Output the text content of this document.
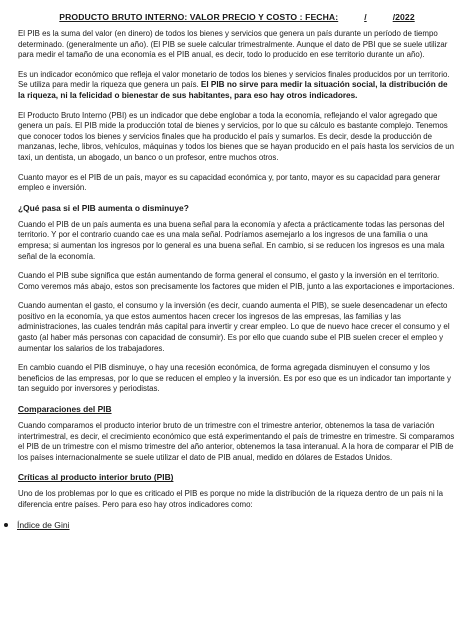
PRODUCTO BRUTO INTERNO: VALOR PRECIO Y COSTO : FECHA:	/	/2022

El PIB es la suma del valor (en dinero) de todos los bienes y servicios que genera un país durante un período de tiempo determinado. (generalmente un año). (El PIB se suele calcular trimestralmente. Aunque el dato de PBI que se suele utilizar para medir el tamaño de una economía es el PIB anual, es decir, todo lo producido en ese territorio durante un año).

Es un indicador económico que refleja el valor monetario de todos los bienes y servicios finales producidos por un territorio. Se utiliza para medir la riqueza que genera un país. El PIB no sirve para medir la situación social, la distribución de la riqueza, ni la felicidad o bienestar de sus habitantes, para eso hay otros indicadores.

El Producto Bruto Interno (PBI) es un indicador que debe englobar a toda la economía, reflejando el valor agregado que genera un país. El PIB mide la producción total de bienes y servicios, por lo que su cálculo es bastante complejo. Tenemos que conocer todos los bienes y servicios finales que ha producido el país y sumarlos. Es decir, desde la producción de manzanas, leche, libros, vehículos, máquinas y todos los bienes que se hayan producido en el país hasta los servicios de un taxi, un dentista, un abogado, un banco o un profesor, entre muchos otros.

Cuanto mayor es el PIB de un país, mayor es su capacidad económica y, por tanto, mayor es su capacidad para generar empleo e inversión.

¿Qué pasa si el PIB aumenta o disminuye?

Cuando el PIB de un país aumenta es una buena señal para la economía y afecta a prácticamente todas las personas del territorio. Y por el contrario cuando cae es una mala señal. Podríamos asemejarlo a los ingresos de una familia o una empresa; si aumentan los ingresos por lo general es una buena señal. En cambio, si se reducen los ingresos es una mala señal de la economía.

Cuando el PIB sube significa que están aumentando de forma general el consumo, el gasto y la inversión en el territorio. Como veremos más abajo, estos son precisamente los factores que miden el PIB, junto a las exportaciones e importaciones.

Cuando aumentan el gasto, el consumo y la inversión (es decir, cuando aumenta el PIB), se suele desencadenar un efecto positivo en la economía, ya que estos aumentos hacen crecer los ingresos de las empresas, las familias y las administraciones, las cuales tendrán más capital para invertir y crear empleo. Lo que de nuevo hace crecer el consumo y el gasto (al haber más personas con capacidad de consumir). Es por ello que cuando sube el PIB suelen crecer el empleo y aumentar los salarios de los trabajadores.

En cambio cuando el PIB disminuye, o hay una recesión económica, de forma agregada disminuyen el consumo y los beneficios de las empresas, por lo que se reducen el empleo y la inversión. Es por eso que es un indicador tan importante y tan seguido por inversores y periodistas.

Comparaciones del PIB

Cuando comparamos el producto interior bruto de un trimestre con el trimestre anterior, obtenemos la tasa de variación intertrimestral, es decir, el crecimiento económico que está experimentando el país de trimestre en trimestre. Si comparamos el PIB de un trimestre con el mismo trimestre del año anterior, obtenemos la tasa interanual. A la hora de comparar el PIB de los países internacionalmente se suele utilizar el dato de PIB anual, medido en dólares de Estados Unidos.

Críticas al producto interior bruto (PIB)

Uno de los problemas por lo que es criticado el PIB es porque no mide la distribución de la riqueza dentro de un país ni la diferencia entre países. Pero para eso hay otros indicadores como:

Índice de Gini
